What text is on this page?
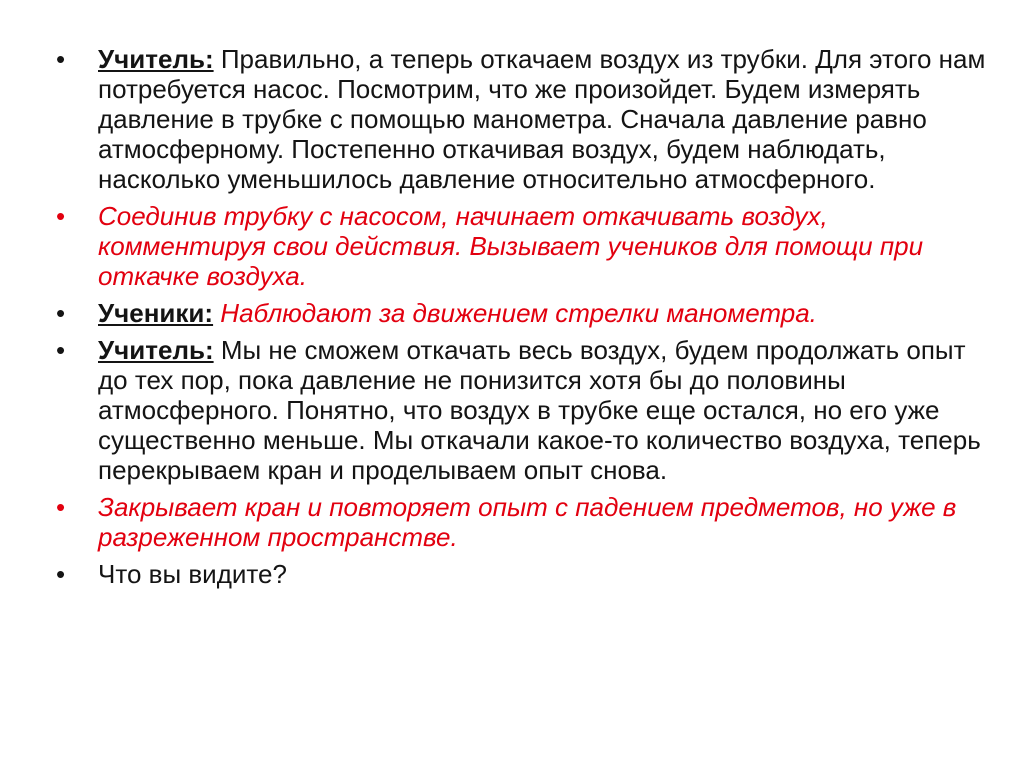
• Учитель: Правильно, а теперь откачаем воздух из трубки. Для этого нам потребуется насос. Посмотрим, что же произойдет. Будем измерять давление в трубке с помощью манометра. Сначала давление равно атмосферному. Постепенно откачивая воздух, будем наблюдать, насколько уменьшилось давление относительно атмосферного.
• Соединив трубку с насосом, начинает откачивать воздух, комментируя свои действия. Вызывает учеников для помощи при откачке воздуха.
• Ученики: Наблюдают за движением стрелки манометра.
• Учитель: Мы не сможем откачать весь воздух, будем продолжать опыт до тех пор, пока давление не понизится хотя бы до половины атмосферного. Понятно, что воздух в трубке еще остался, но его уже существенно меньше. Мы откачали какое-то количество воздуха, теперь перекрываем кран и проделываем опыт снова.
• Закрывает кран и повторяет опыт с падением предметов, но уже в разреженном пространстве.
• Что вы видите?
